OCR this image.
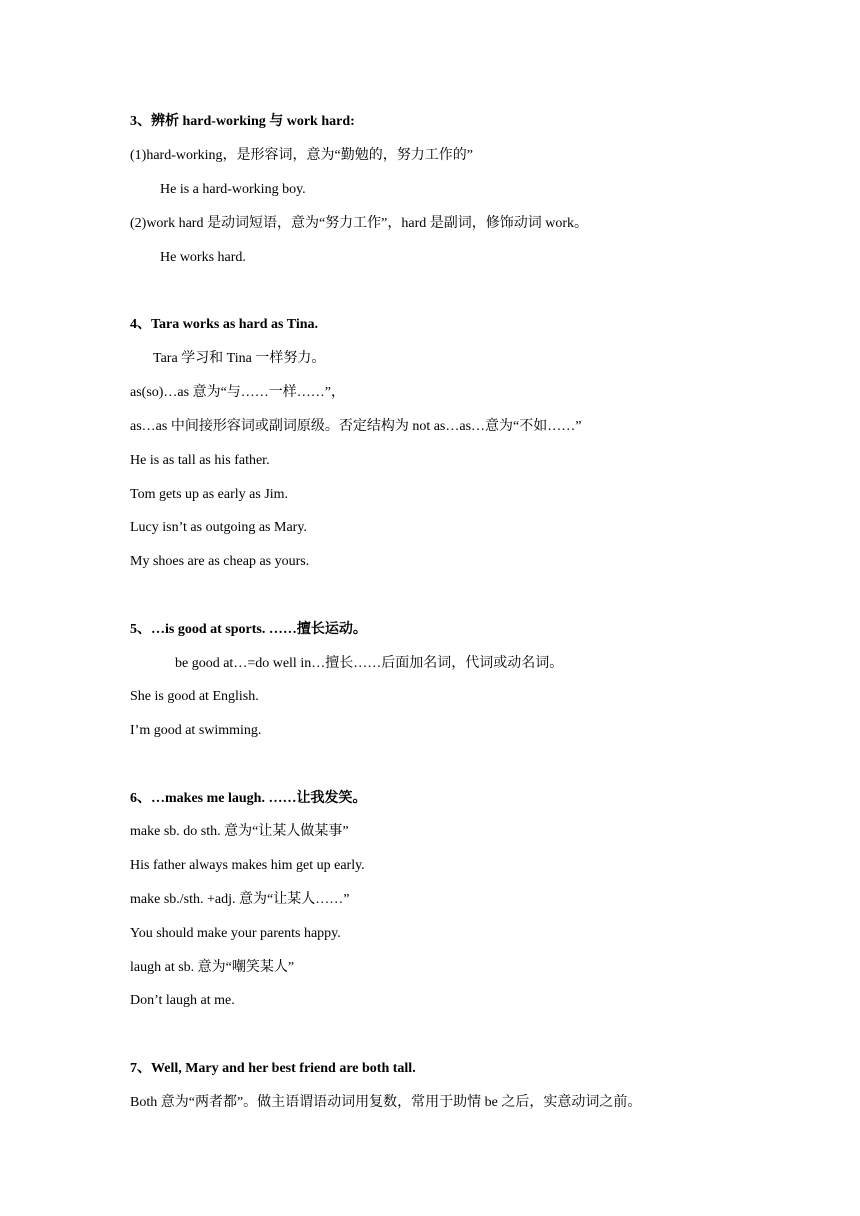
3、辨析 hard-working 与 work hard:
(1)hard-working，是形容词，意为“勤勉的，努力工作的”
He is a hard-working boy.
(2)work hard 是动词短语，意为“努力工作”，hard 是副词，修饰动词 work。
He works hard.
4、Tara works as hard as Tina.
Tara 学习和 Tina 一样努力。
as(so)…as 意为“与……一样……”，
as…as 中间接形容词或副词原级。否定结构为 not as…as…意为“不如……”
He is as tall as his father.
Tom gets up as early as Jim.
Lucy isn’t as outgoing as Mary.
My shoes are as cheap as yours.
5、…is good at sports. ……擅长运动。
be good at…=do well in…擅长……后面加名词，代词或动名词。
She is good at English.
I’m good at swimming.
6、…makes me laugh. ……让我发笑。
make sb. do sth. 意为“让某人做某事”
His father always makes him get up early.
make sb./sth. +adj. 意为“让某人……”
You should make your parents happy.
laugh at sb. 意为“嘲笑某人”
Don’t laugh at me.
7、Well, Mary and her best friend are both tall.
Both 意为“两者都”。做主语谓语动词用复数，常用于助情 be 之后，实意动词之前。
